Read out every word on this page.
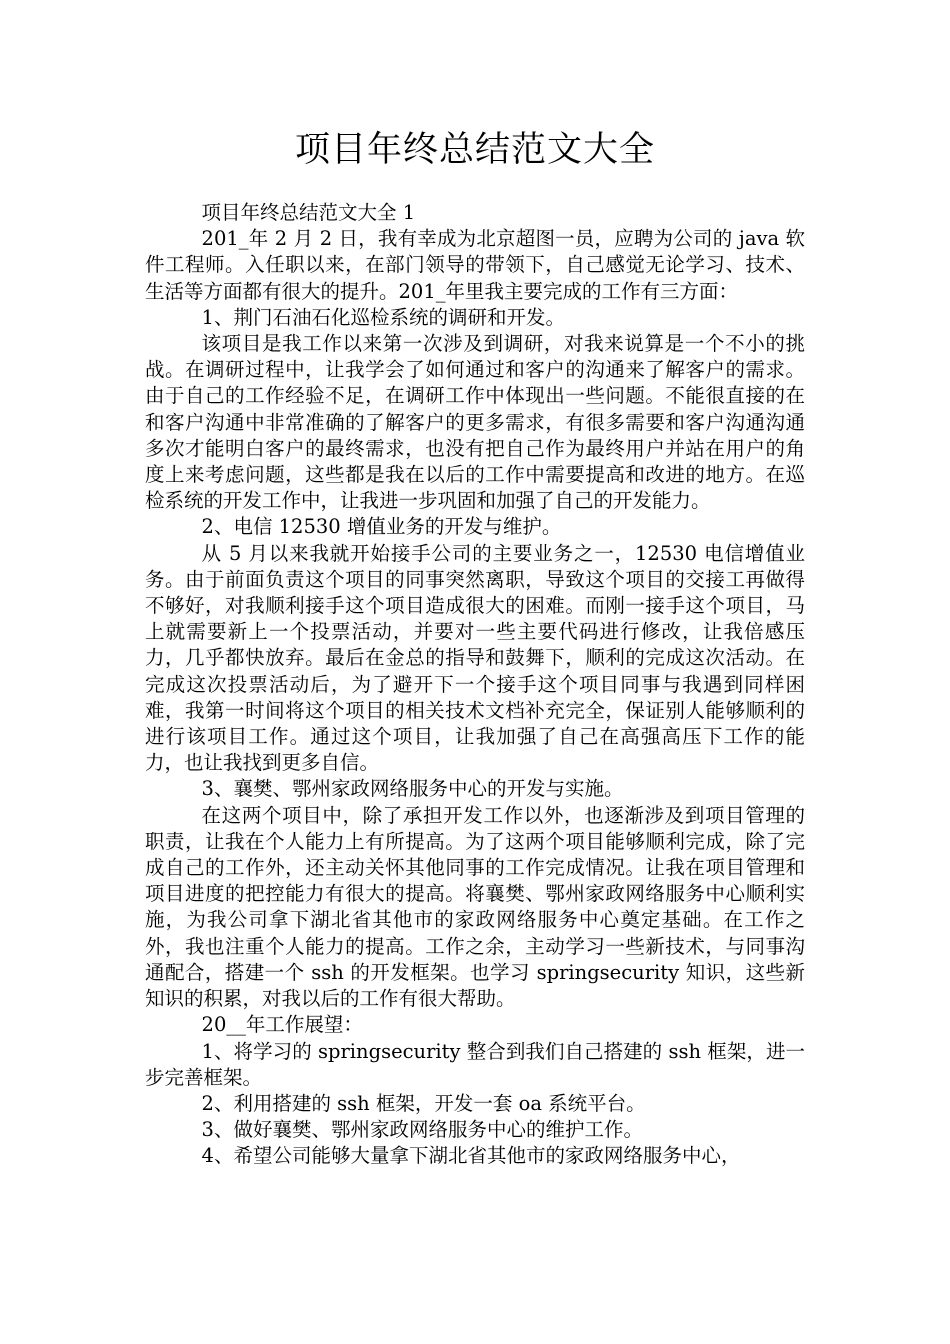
项目年终总结范文大全

项目年终总结范文大全 1

201_年 2 月 2 日，我有幸成为北京超图一员，应聘为公司的 java 软件工程师。入任职以来，在部门领导的带领下，自己感觉无论学习、技术、生活等方面都有很大的提升。201_年里我主要完成的工作有三方面：

1、荆门石油石化巡检系统的调研和开发。

该项目是我工作以来第一次涉及到调研，对我来说算是一个不小的挑战。在调研过程中，让我学会了如何通过和客户的沟通来了解客户的需求。由于自己的工作经验不足，在调研工作中体现出一些问题。不能很直接的在和客户沟通中非常准确的了解客户的更多需求，有很多需要和客户沟通沟通多次才能明白客户的最终需求，也没有把自己作为最终用户并站在用户的角度上来考虑问题，这些都是我在以后的工作中需要提高和改进的地方。在巡检系统的开发工作中，让我进一步巩固和加强了自己的开发能力。

2、电信 12530 增值业务的开发与维护。

从 5 月以来我就开始接手公司的主要业务之一，12530 电信增值业务。由于前面负责这个项目的同事突然离职，导致这个项目的交接工再做得不够好，对我顺利接手这个项目造成很大的困难。而刚一接手这个项目，马上就需要新上一个投票活动，并要对一些主要代码进行修改，让我倍感压力，几乎都快放弃。最后在金总的指导和鼓舞下，顺利的完成这次活动。在完成这次投票活动后，为了避开下一个接手这个项目同事与我遇到同样困难，我第一时间将这个项目的相关技术文档补充完全，保证别人能够顺利的进行该项目工作。通过这个项目，让我加强了自己在高强高压下工作的能力，也让我找到更多自信。

3、襄樊、鄂州家政网络服务中心的开发与实施。

在这两个项目中，除了承担开发工作以外，也逐渐涉及到项目管理的职责，让我在个人能力上有所提高。为了这两个项目能够顺利完成，除了完成自己的工作外，还主动关怀其他同事的工作完成情况。让我在项目管理和项目进度的把控能力有很大的提高。将襄樊、鄂州家政网络服务中心顺利实施，为我公司拿下湖北省其他市的家政网络服务中心奠定基础。在工作之外，我也注重个人能力的提高。工作之余，主动学习一些新技术，与同事沟通配合，搭建一个 ssh 的开发框架。也学习 springsecurity 知识，这些新知识的积累，对我以后的工作有很大帮助。

20__年工作展望：

1、将学习的 springsecurity 整合到我们自己搭建的 ssh 框架，进一步完善框架。

2、利用搭建的 ssh 框架，开发一套 oa 系统平台。

3、做好襄樊、鄂州家政网络服务中心的维护工作。

4、希望公司能够大量拿下湖北省其他市的家政网络服务中心，
